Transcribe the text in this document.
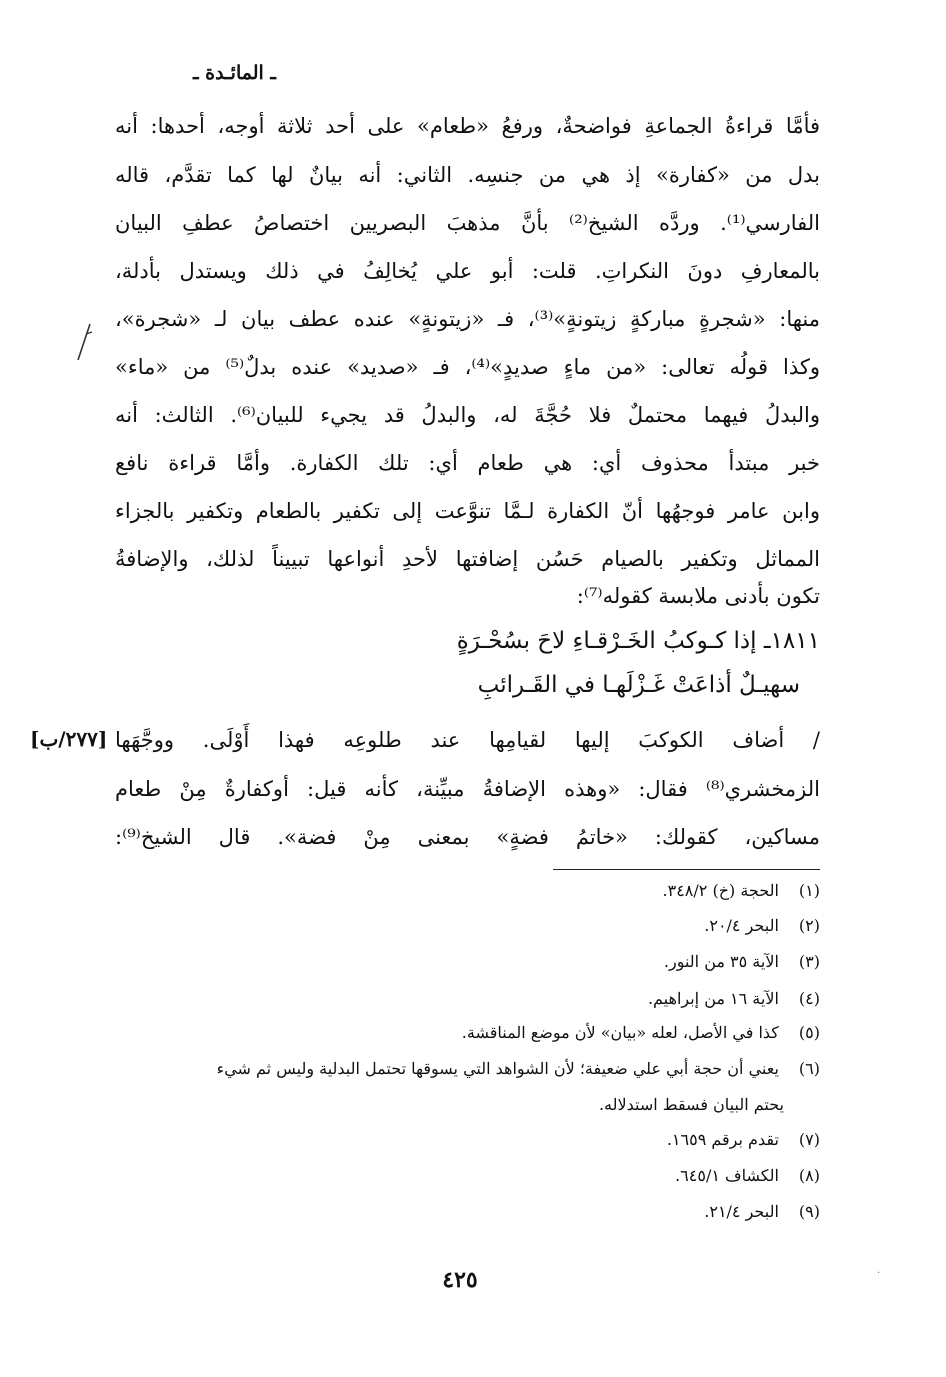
ـ المائـدة ـ
فأمَّا قراءةُ الجماعةِ فواضحةٌ، ورفعُ «طعام» على أحد ثلاثة أوجه، أحدها: أنه
بدل من «كفارة» إذ هي من جنسِه. الثاني: أنه بيانٌ لها كما تقدَّم، قاله
الفارسي⁽¹⁾. وردَّه الشيخ⁽²⁾ بأنَّ مذهبَ البصريين اختصاصُ عطفِ البيان
بالمعارفِ دونَ النكراتِ. قلت: أبو علي يُخالِفُ في ذلك ويستدل بأدلة،
منها: «شجرةٍ مباركةٍ زيتونةٍ»⁽³⁾، فـ «زيتونةٍ» عنده عطف بيان لـ «شجرة»،
وكذا قولُه تعالى: «من ماءٍ صديدٍ»⁽⁴⁾، فـ «صديد» عنده بدلٌ⁽⁵⁾ من «ماء»
والبدلُ فيهما محتملٌ فلا حُجَّةَ له، والبدلُ قد يجيء للبيان⁽⁶⁾. الثالث: أنه
خبر مبتدأ محذوف أي: هي طعام أي: تلك الكفارة. وأمَّا قراءة نافع
وابن عامر فوجهُها أنّ الكفارة لـمَّا تنوَّعت إلى تكفير بالطعام وتكفير بالجزاء
المماثل وتكفير بالصيام حَسُن إضافتها لأحدِ أنواعها تبييناً لذلك، والإضافةُ
تكون بأدنى ملابسة كقوله⁽⁷⁾:
١٨١١ـ إذا كـوكبُ الخَـرْقـاءِ لاحَ بسُحْـرَةٍ
سهيـلٌ أذاعَتْ غَـزْلَهـا في القَـرائبِ
[٢٧٧/ب] / أضاف الكوكبَ إليها لقيامِها عند طلوعِه فهذا أَوْلَى. ووجَّهَها
الزمخشري⁽⁸⁾ فقال: «وهذه الإضافةُ مبيِّنة، كأنه قيل: أوكفارةٌ مِنْ طعام
مساكين، كقولك: «خاتمُ فضةٍ» بمعنى مِنْ فضة». قال الشيخ⁽⁹⁾:
(١) الحجة (خ) ٣٤٨/٢.
(٢) البحر ٢٠/٤.
(٣) الآية ٣٥ من النور.
(٤) الآية ١٦ من إبراهيم.
(٥) كذا في الأصل، لعله «بيان» لأن موضع المناقشة.
(٦) يعني أن حجة أبي علي ضعيفة؛ لأن الشواهد التي يسوقها تحتمل البدلية وليس ثم شيء
يحتم البيان فسقط استدلاله.
(٧) تقدم برقم ١٦٥٩.
(٨) الكشاف ٦٤٥/١.
(٩) البحر ٢١/٤.
٤٢٥	·
